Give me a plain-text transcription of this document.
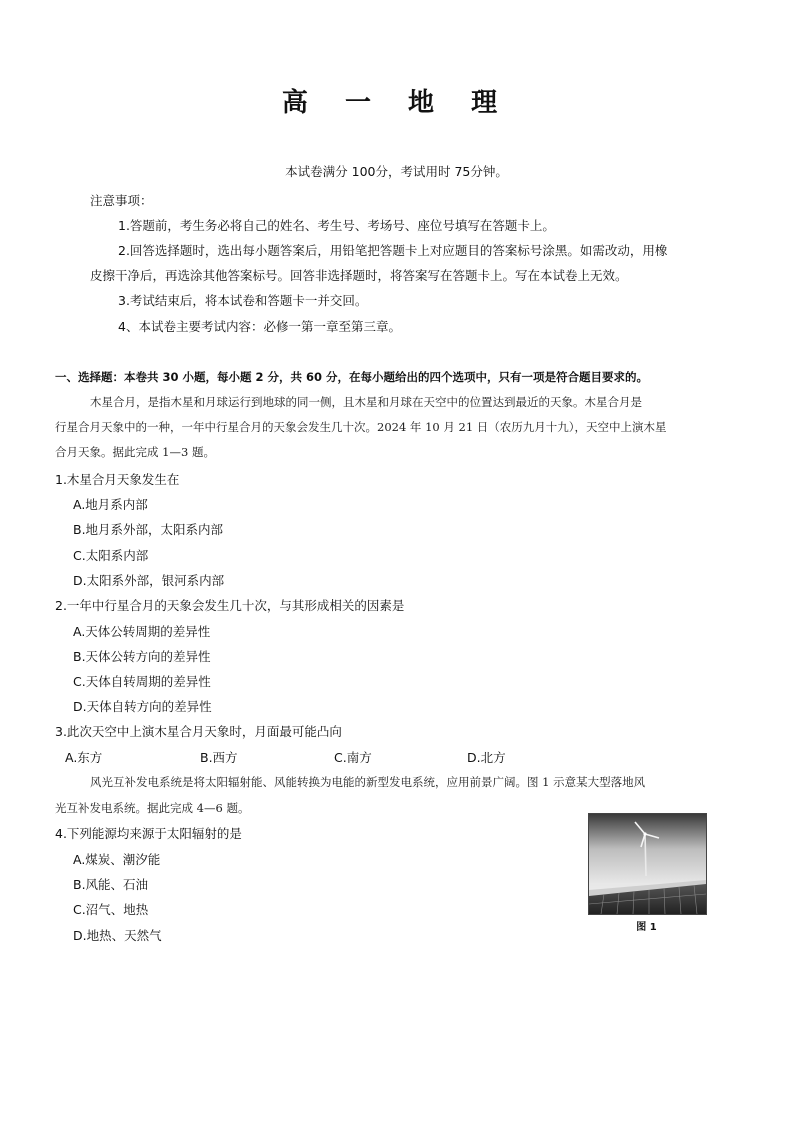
高 一 地 理
本试卷满分 100分，考试用时 75分钟。
注意事项：
1.答题前，考生务必将自己的姓名、考生号、考场号、座位号填写在答题卡上。
2.回答选择题时，选出每小题答案后，用铅笔把答题卡上对应题目的答案标号涂黑。如需改动，用橡
皮擦干净后，再选涂其他答案标号。回答非选择题时，将答案写在答题卡上。写在本试卷上无效。
3.考试结束后，将本试卷和答题卡一并交回。
4、本试卷主要考试内容：必修一第一章至第三章。
一、选择题：本卷共 30 小题，每小题 2 分，共 60 分，在每小题给出的四个选项中，只有一项是符合题目要求的。
木星合月，是指木星和月球运行到地球的同一侧，且木星和月球在天空中的位置达到最近的天象。木星合月是
行星合月天象中的一种，一年中行星合月的天象会发生几十次。2024 年 10 月 21 日（农历九月十九），天空中上演木星
合月天象。据此完成 1—3 题。
1.木星合月天象发生在
A.地月系内部
B.地月系外部，太阳系内部
C.太阳系内部
D.太阳系外部，银河系内部
2.一年中行星合月的天象会发生几十次，与其形成相关的因素是
A.天体公转周期的差异性
B.天体公转方向的差异性
C.天体自转周期的差异性
D.天体自转方向的差异性
3.此次天空中上演木星合月天象时，月面最可能凸向
A.东方	B.西方	C.南方	D.北方
风光互补发电系统是将太阳辐射能、风能转换为电能的新型发电系统，应用前景广阔。图 1 示意某大型落地风
光互补发电系统。据此完成 4—6 题。
4.下列能源均来源于太阳辐射的是
A.煤炭、潮汐能
B.风能、石油
C.沼气、地热
D.地热、天然气
图 1
